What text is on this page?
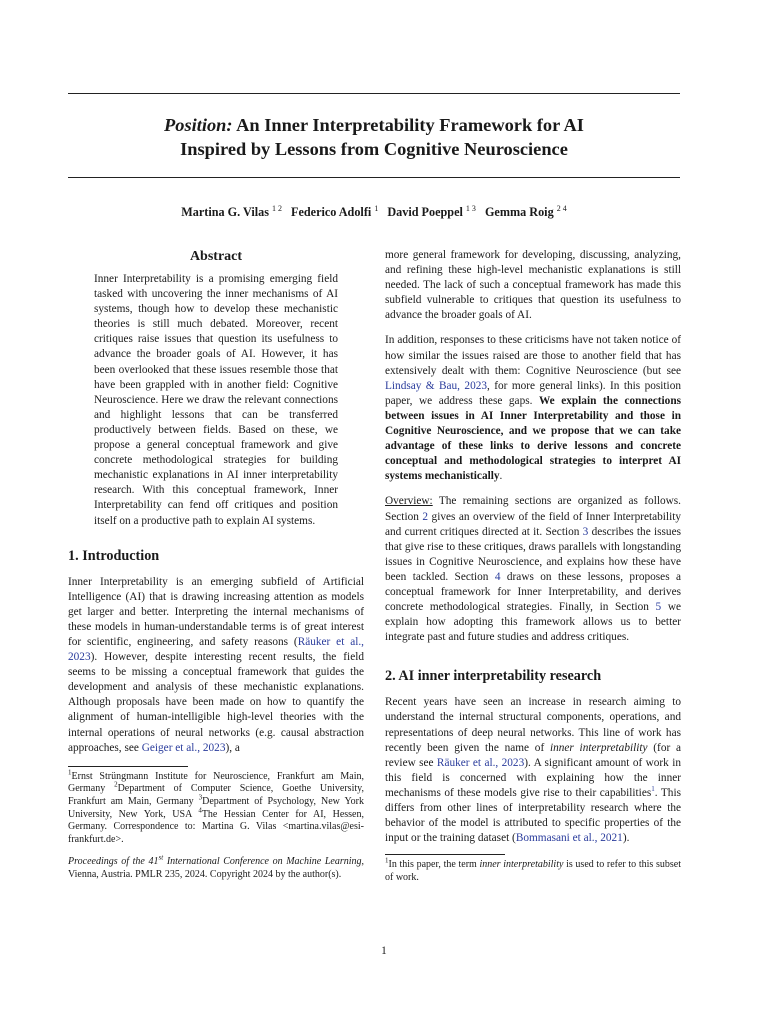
Position: An Inner Interpretability Framework for AI
Inspired by Lessons from Cognitive Neuroscience
Martina G. Vilas $^{1 2}$ Federico Adolfi $^1$ David Poeppel $^{1 3}$ Gemma Roig $^{2 4}$
Abstract

Inner Interpretability is a promising emerging field tasked with uncovering the inner mechanisms of AI systems, though how to develop these mechanistic theories is still much debated. Moreover, recent critiques raise issues that question its usefulness to advance the broader goals of AI. However, it has been overlooked that these issues resemble those that have been grappled with in another field: Cognitive Neuroscience. Here we draw the relevant connections and highlight lessons that can be transferred productively between fields. Based on these, we propose a general conceptual framework and give concrete methodological strategies for building mechanistic explanations in AI inner interpretability research. With this conceptual framework, Inner Interpretability can fend off critiques and position itself on a productive path to explain AI systems.

1. Introduction

Inner Interpretability is an emerging subfield of Artificial Intelligence (AI) that is drawing increasing attention as models get larger and better. Interpreting the internal mechanisms of these models in human-understandable terms is of great interest for scientific, engineering, and safety reasons (Räuker et al., 2023). However, despite interesting recent results, the field seems to be missing a conceptual framework that guides the development and analysis of these mechanistic explanations. Although proposals have been made on how to quantify the alignment of human-intelligible high-level theories with the internal operations of neural networks (e.g. causal abstraction approaches, see Geiger et al., 2023), a

$^1$Ernst Strüngmann Institute for Neuroscience, Frankfurt am Main, Germany $^2$Department of Computer Science, Goethe University, Frankfurt am Main, Germany $^3$Department of Psychology, New York University, New York, USA $^4$The Hessian Center for AI, Hessen, Germany. Correspondence to: Martina G. Vilas <martina.vilas@esi-frankfurt.de>.

Proceedings of the 41st International Conference on Machine Learning, Vienna, Austria. PMLR 235, 2024. Copyright 2024 by the author(s).

more general framework for developing, discussing, analyzing, and refining these high-level mechanistic explanations is still needed. The lack of such a conceptual framework has made this subfield vulnerable to critiques that question its usefulness to advance the broader goals of AI.

In addition, responses to these criticisms have not taken notice of how similar the issues raised are those to another field that has extensively dealt with them: Cognitive Neuroscience (but see Lindsay & Bau, 2023, for more general links). In this position paper, we address these gaps. We explain the connections between issues in AI Inner Interpretability and those in Cognitive Neuroscience, and we propose that we can take advantage of these links to derive lessons and concrete conceptual and methodological strategies to interpret AI systems mechanistically.

Overview: The remaining sections are organized as follows. Section 2 gives an overview of the field of Inner Interpretability and current critiques directed at it. Section 3 describes the issues that give rise to these critiques, draws parallels with longstanding issues in Cognitive Neuroscience, and explains how these have been tackled. Section 4 draws on these lessons, proposes a conceptual framework for Inner Interpretability, and derives concrete methodological strategies. Finally, in Section 5 we explain how adopting this framework allows us to better integrate past and future studies and address critiques.

2. AI inner interpretability research

Recent years have seen an increase in research aiming to understand the internal structural components, operations, and representations of deep neural networks. This line of work has recently been given the name of inner interpretability (for a review see Räuker et al., 2023). A significant amount of work in this field is concerned with explaining how the inner mechanisms of these models give rise to their capabilities$^1$. This differs from other lines of interpretability research where the behavior of the model is attributed to specific properties of the input or the training dataset (Bommasani et al., 2021).

$^1$In this paper, the term inner interpretability is used to refer to this subset of work.

1
